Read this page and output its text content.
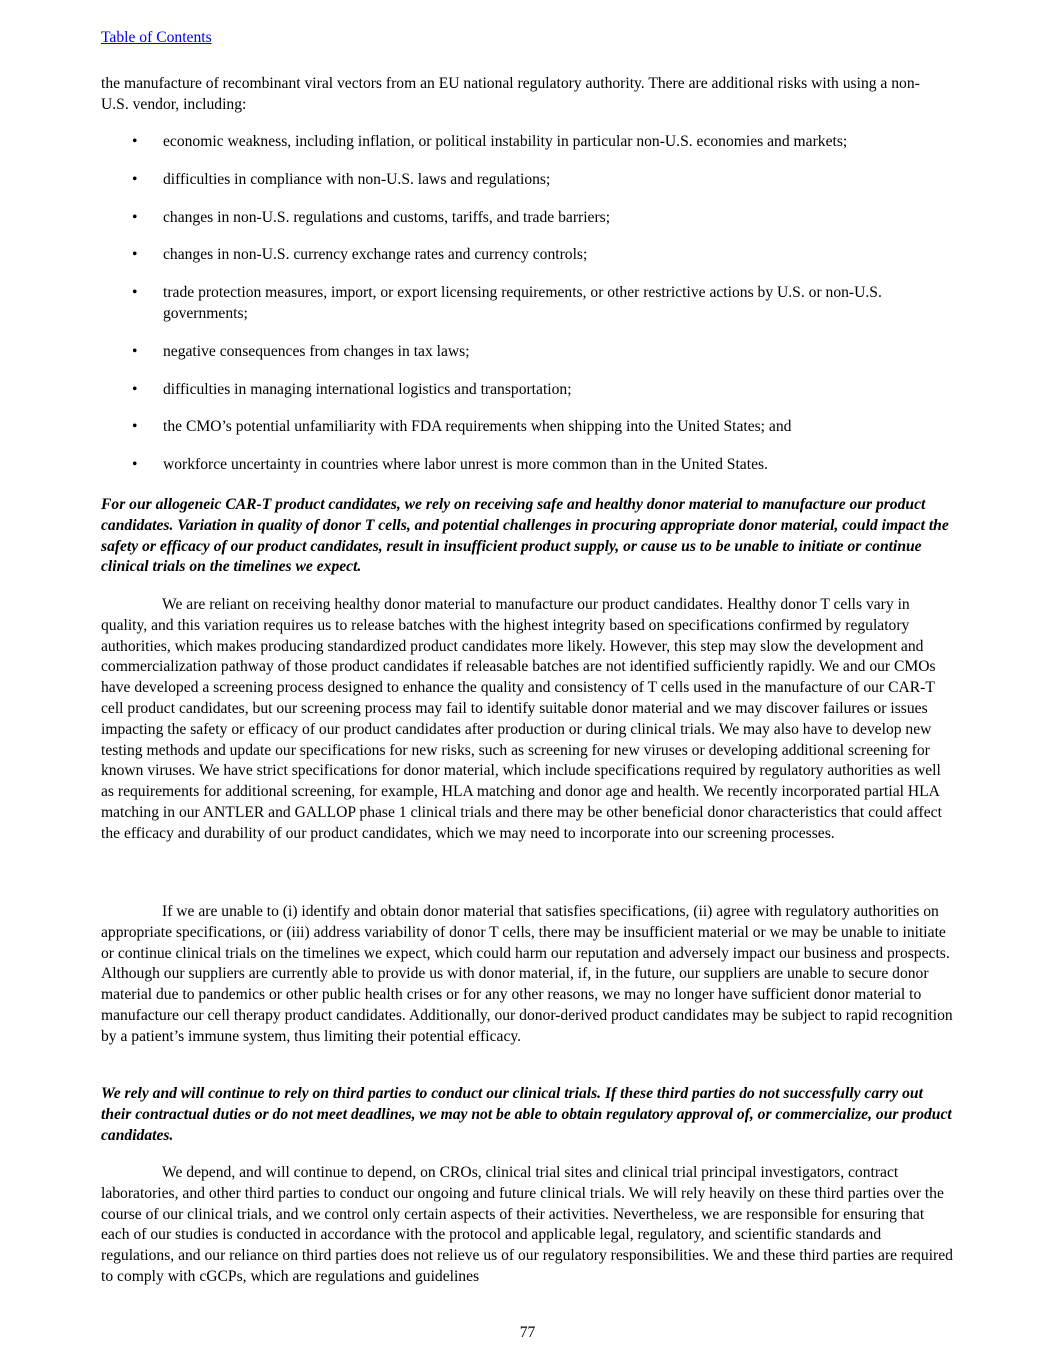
Table of Contents

the manufacture of recombinant viral vectors from an EU national regulatory authority. There are additional risks with using a non-U.S. vendor, including:

• economic weakness, including inflation, or political instability in particular non-U.S. economies and markets;
• difficulties in compliance with non-U.S. laws and regulations;
• changes in non-U.S. regulations and customs, tariffs, and trade barriers;
• changes in non-U.S. currency exchange rates and currency controls;
• trade protection measures, import, or export licensing requirements, or other restrictive actions by U.S. or non-U.S. governments;
• negative consequences from changes in tax laws;
• difficulties in managing international logistics and transportation;
• the CMO’s potential unfamiliarity with FDA requirements when shipping into the United States; and
• workforce uncertainty in countries where labor unrest is more common than in the United States.

For our allogeneic CAR-T product candidates, we rely on receiving safe and healthy donor material to manufacture our product candidates. Variation in quality of donor T cells, and potential challenges in procuring appropriate donor material, could impact the safety or efficacy of our product candidates, result in insufficient product supply, or cause us to be unable to initiate or continue clinical trials on the timelines we expect.

We are reliant on receiving healthy donor material to manufacture our product candidates. Healthy donor T cells vary in quality, and this variation requires us to release batches with the highest integrity based on specifications confirmed by regulatory authorities, which makes producing standardized product candidates more likely. However, this step may slow the development and commercialization pathway of those product candidates if releasable batches are not identified sufficiently rapidly. We and our CMOs have developed a screening process designed to enhance the quality and consistency of T cells used in the manufacture of our CAR-T cell product candidates, but our screening process may fail to identify suitable donor material and we may discover failures or issues impacting the safety or efficacy of our product candidates after production or during clinical trials. We may also have to develop new testing methods and update our specifications for new risks, such as screening for new viruses or developing additional screening for known viruses. We have strict specifications for donor material, which include specifications required by regulatory authorities as well as requirements for additional screening, for example, HLA matching and donor age and health. We recently incorporated partial HLA matching in our ANTLER and GALLOP phase 1 clinical trials and there may be other beneficial donor characteristics that could affect the efficacy and durability of our product candidates, which we may need to incorporate into our screening processes.

If we are unable to (i) identify and obtain donor material that satisfies specifications, (ii) agree with regulatory authorities on appropriate specifications, or (iii) address variability of donor T cells, there may be insufficient material or we may be unable to initiate or continue clinical trials on the timelines we expect, which could harm our reputation and adversely impact our business and prospects. Although our suppliers are currently able to provide us with donor material, if, in the future, our suppliers are unable to secure donor material due to pandemics or other public health crises or for any other reasons, we may no longer have sufficient donor material to manufacture our cell therapy product candidates. Additionally, our donor-derived product candidates may be subject to rapid recognition by a patient’s immune system, thus limiting their potential efficacy.

We rely and will continue to rely on third parties to conduct our clinical trials. If these third parties do not successfully carry out their contractual duties or do not meet deadlines, we may not be able to obtain regulatory approval of, or commercialize, our product candidates.

We depend, and will continue to depend, on CROs, clinical trial sites and clinical trial principal investigators, contract laboratories, and other third parties to conduct our ongoing and future clinical trials. We will rely heavily on these third parties over the course of our clinical trials, and we control only certain aspects of their activities. Nevertheless, we are responsible for ensuring that each of our studies is conducted in accordance with the protocol and applicable legal, regulatory, and scientific standards and regulations, and our reliance on third parties does not relieve us of our regulatory responsibilities. We and these third parties are required to comply with cGCPs, which are regulations and guidelines

77
